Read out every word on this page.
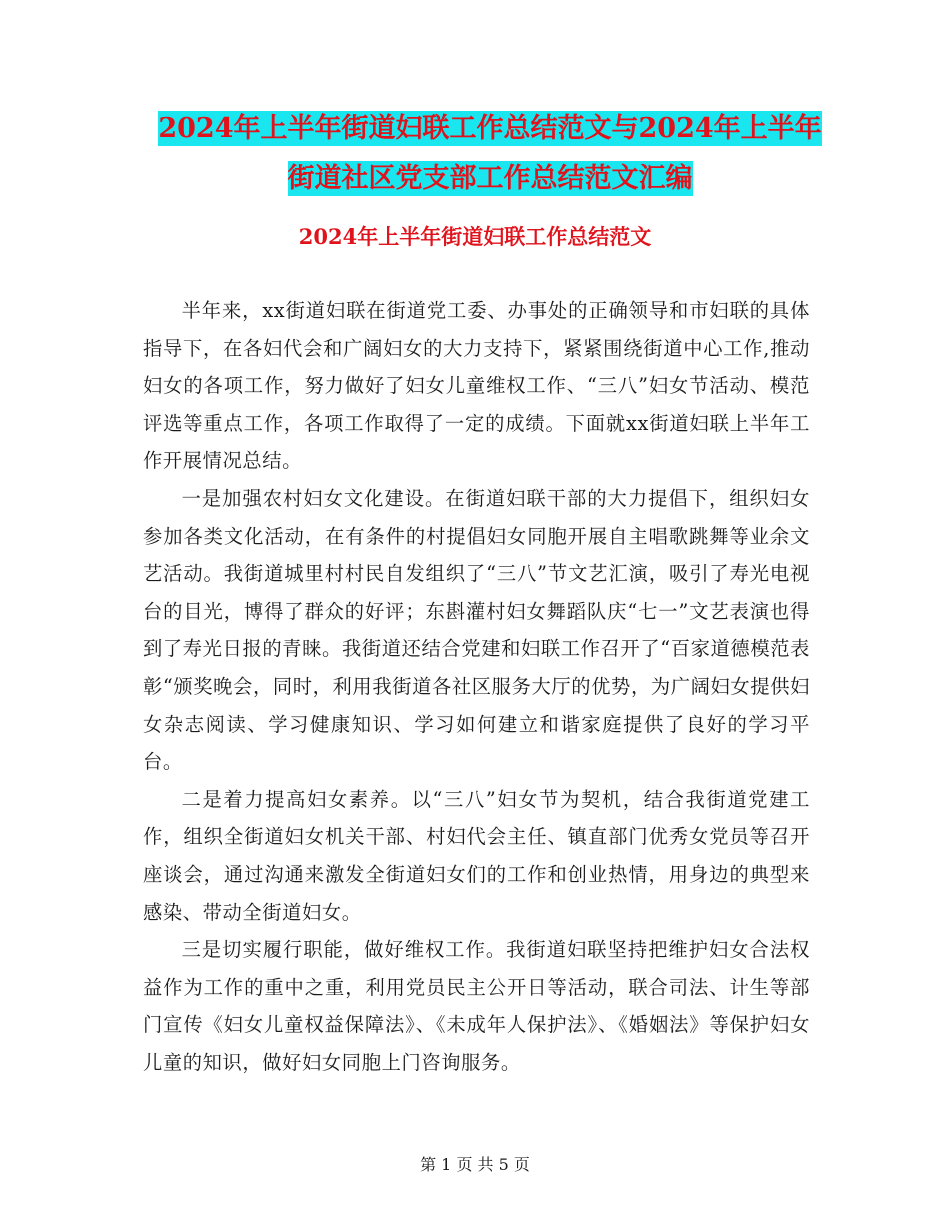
2024年上半年街道妇联工作总结范文与2024年上半年
街道社区党支部工作总结范文汇编
2024年上半年街道妇联工作总结范文

半年来，xx街道妇联在街道党工委、办事处的正确领导和市妇联的具体指导下，在各妇代会和广阔妇女的大力支持下，紧紧围绕街道中心工作,推动妇女的各项工作，努力做好了妇女儿童维权工作、“三八”妇女节活动、模范评选等重点工作，各项工作取得了一定的成绩。下面就xx街道妇联上半年工作开展情况总结。

一是加强农村妇女文化建设。在街道妇联干部的大力提倡下，组织妇女参加各类文化活动，在有条件的村提倡妇女同胞开展自主唱歌跳舞等业余文艺活动。我街道城里村村民自发组织了“三八”节文艺汇演，吸引了寿光电视台的目光，博得了群众的好评；东斟灌村妇女舞蹈队庆“七一”文艺表演也得到了寿光日报的青睐。我街道还结合党建和妇联工作召开了“百家道德模范表彰“颁奖晚会，同时，利用我街道各社区服务大厅的优势，为广阔妇女提供妇女杂志阅读、学习健康知识、学习如何建立和谐家庭提供了良好的学习平台。

二是着力提高妇女素养。以“三八”妇女节为契机，结合我街道党建工作，组织全街道妇女机关干部、村妇代会主任、镇直部门优秀女党员等召开座谈会，通过沟通来激发全街道妇女们的工作和创业热情，用身边的典型来感染、带动全街道妇女。

三是切实履行职能，做好维权工作。我街道妇联坚持把维护妇女合法权益作为工作的重中之重，利用党员民主公开日等活动，联合司法、计生等部门宣传《妇女儿童权益保障法》、《未成年人保护法》、《婚姻法》等保护妇女儿童的知识，做好妇女同胞上门咨询服务。

第 1 页 共 5 页
